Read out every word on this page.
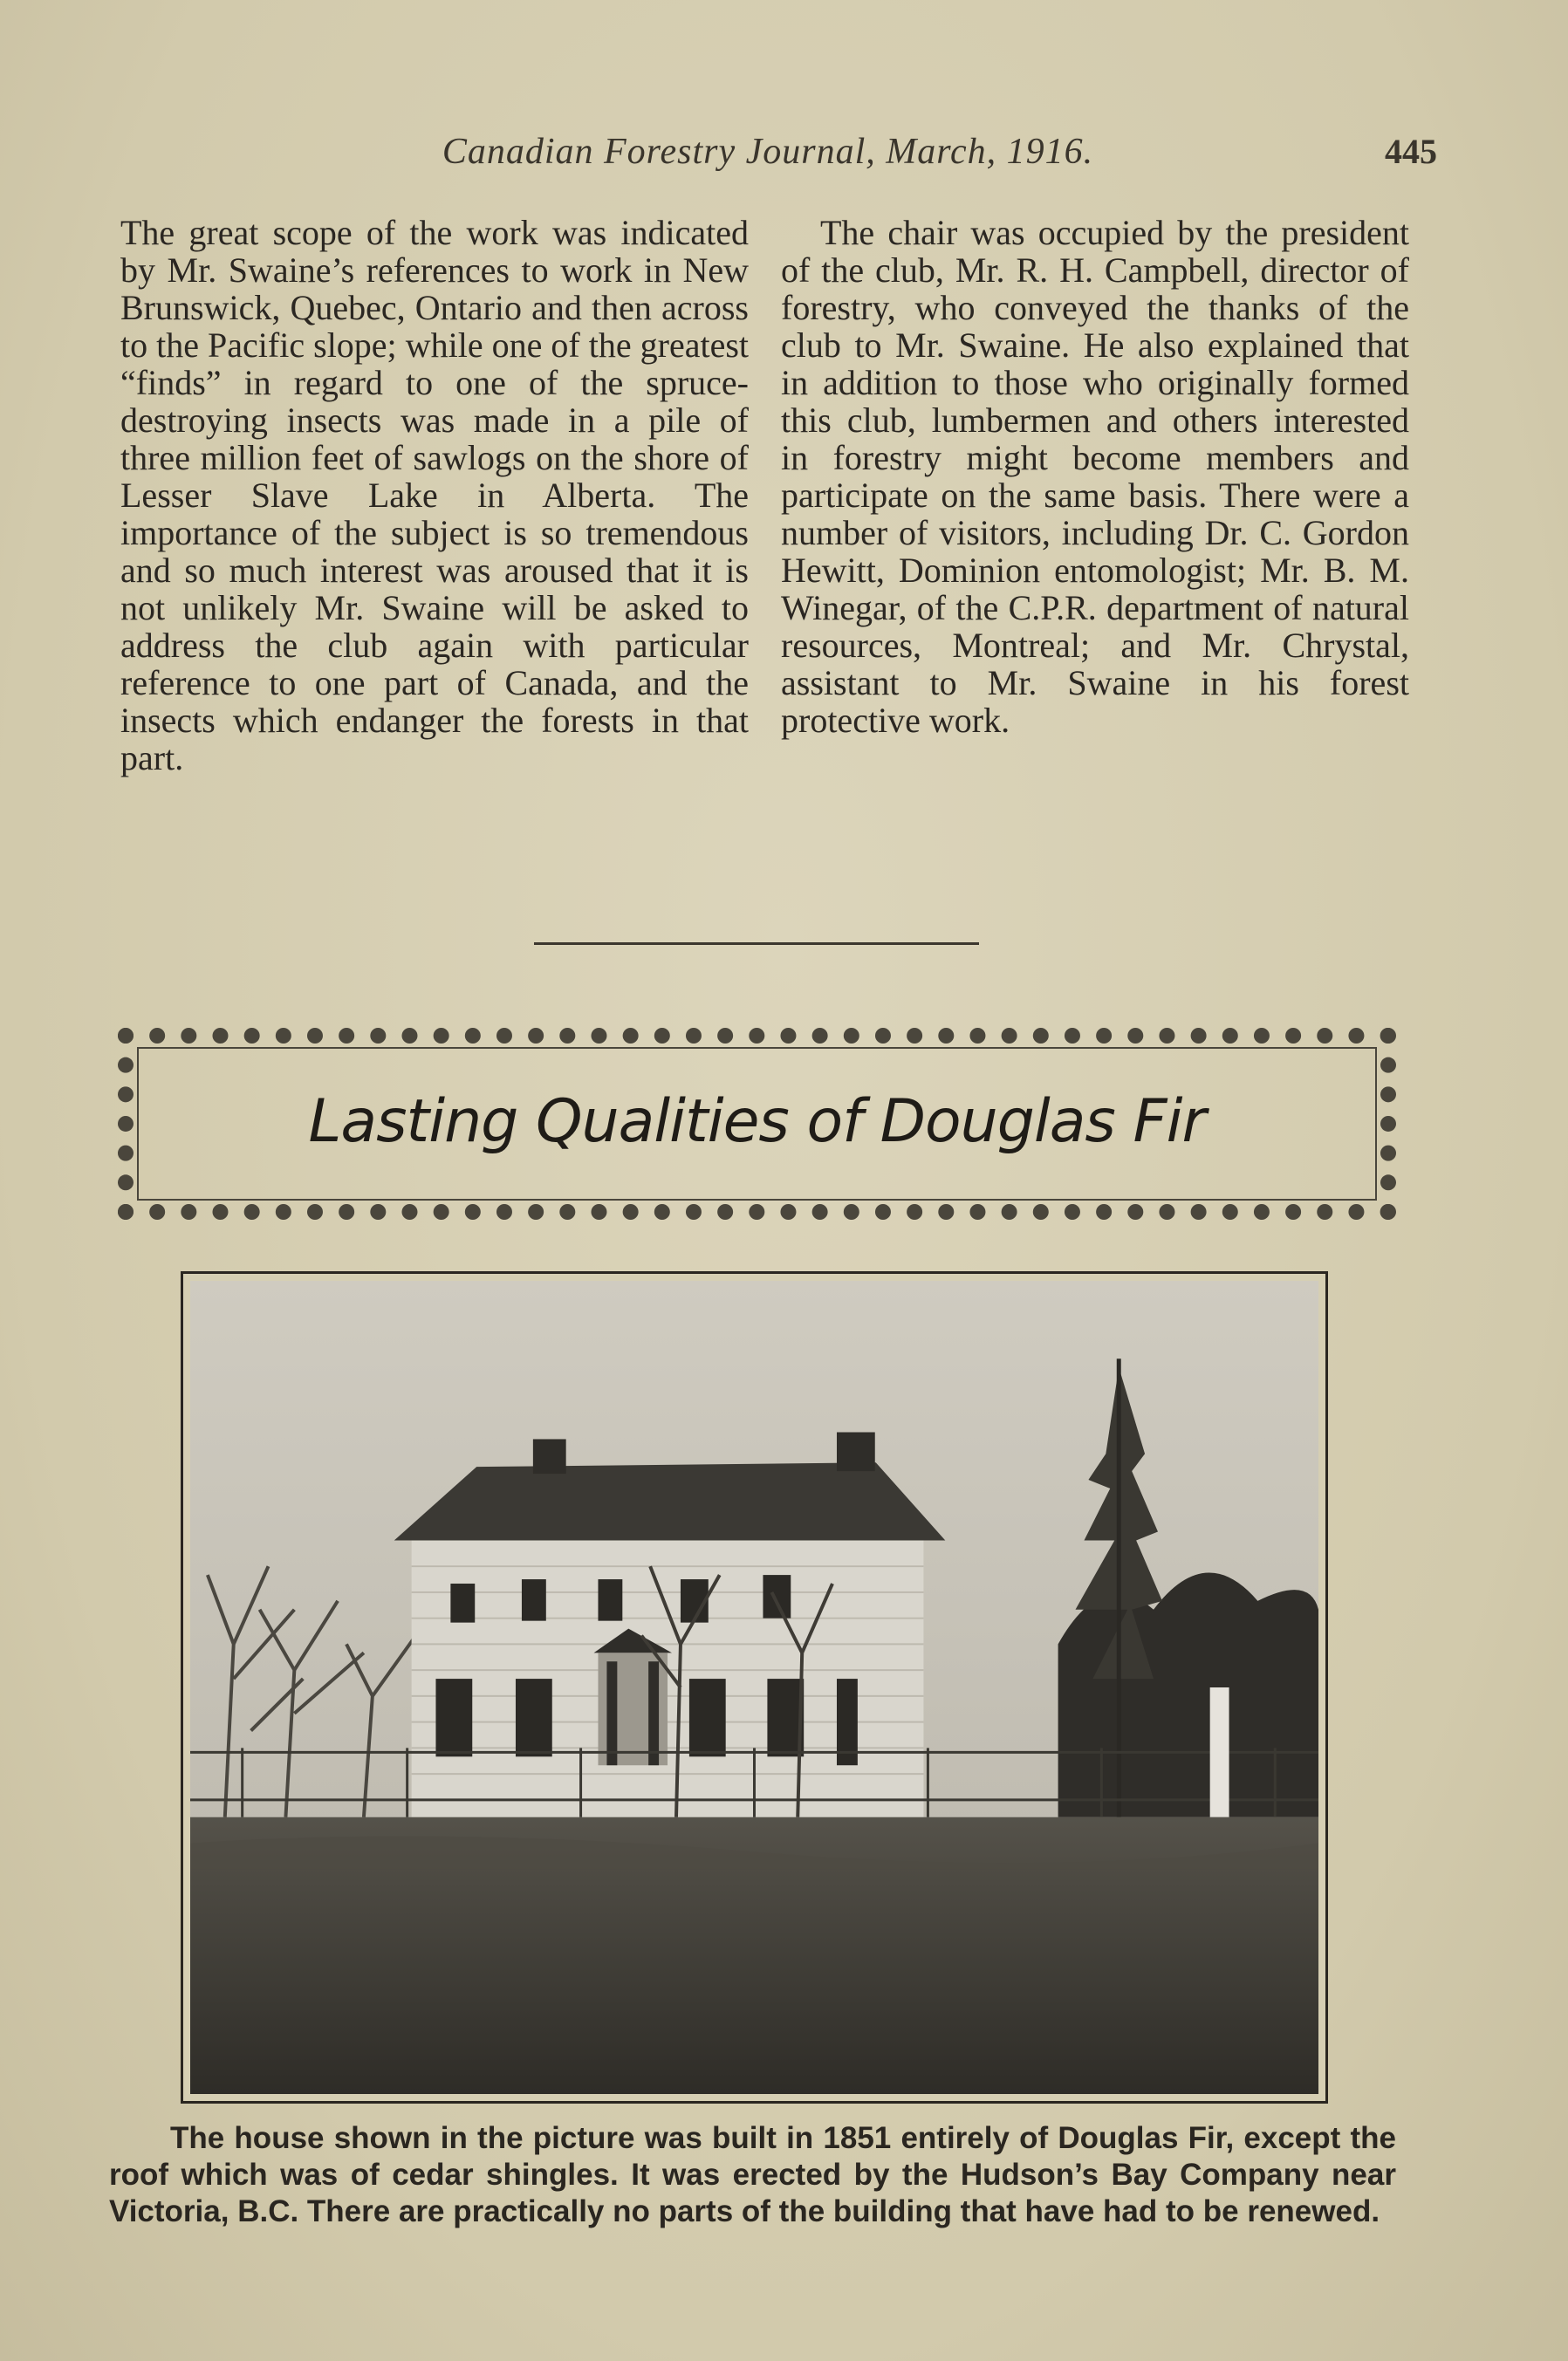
Canadian Forestry Journal, March, 1916.	445

The great scope of the work was indicated by Mr. Swaine’s references to work in New Brunswick, Quebec, Ontario and then across to the Pacific slope; while one of the greatest “finds” in regard to one of the spruce-destroying insects was made in a pile of three million feet of sawlogs on the shore of Lesser Slave Lake in Alberta. The importance of the subject is so tremendous and so much interest was aroused that it is not unlikely Mr. Swaine will be asked to address the club again with particular reference to one part of Canada, and the insects which endanger the forests in that part.

The chair was occupied by the president of the club, Mr. R. H. Campbell, director of forestry, who conveyed the thanks of the club to Mr. Swaine. He also explained that in addition to those who originally formed this club, lumbermen and others interested in forestry might become members and participate on the same basis. There were a number of visitors, including Dr. C. Gordon Hewitt, Dominion entomologist; Mr. B. M. Winegar, of the C.P.R. department of natural resources, Montreal; and Mr. Chrystal, assistant to Mr. Swaine in his forest protective work.

Lasting Qualities of Douglas Fir
The house shown in the picture was built in 1851 entirely of Douglas Fir, except the roof which was of cedar shingles. It was erected by the Hudson’s Bay Company near Victoria, B.C. There are practically no parts of the building that have had to be renewed.
